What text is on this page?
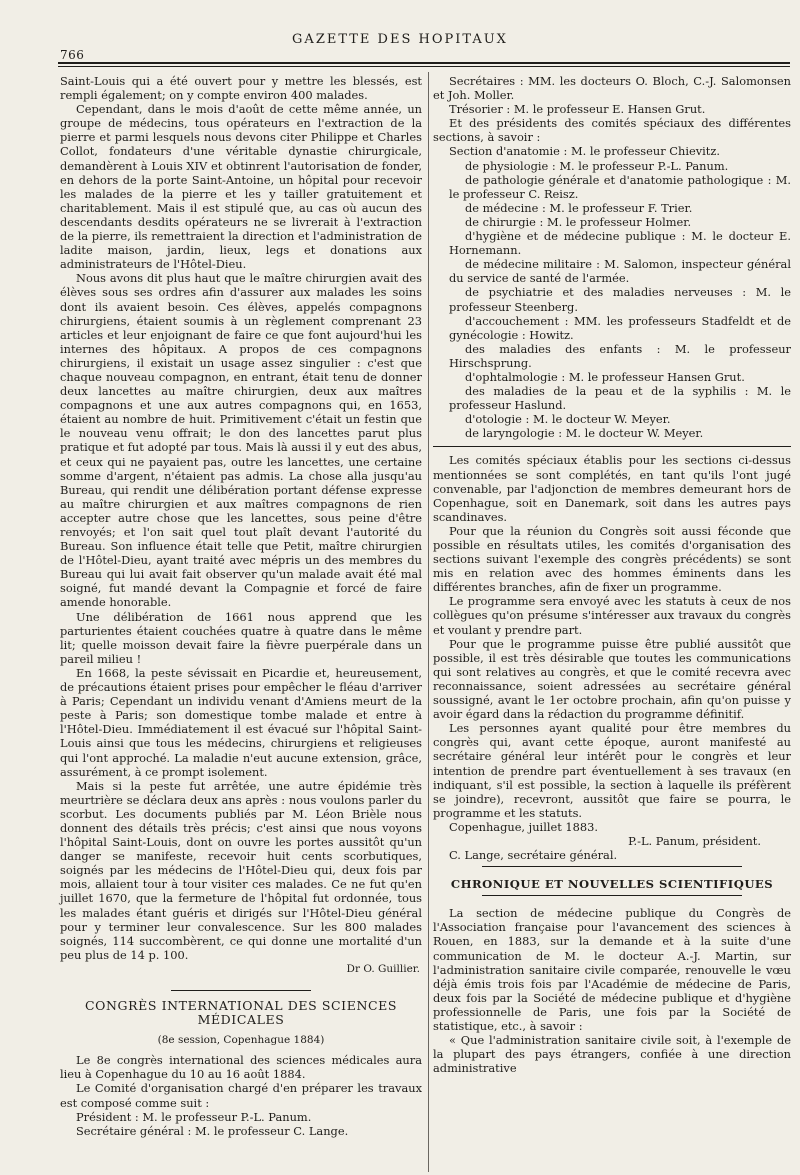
766
GAZETTE DES HOPITAUX

Saint-Louis qui a été ouvert pour y mettre les blessés, est rempli également; on y compte environ 400 malades.

Cependant, dans le mois d'août de cette même année, un groupe de médecins, tous opérateurs en l'extraction de la pierre et parmi lesquels nous devons citer Philippe et Charles Collot, fondateurs d'une véritable dynastie chirurgicale, demandèrent à Louis XIV et obtinrent l'autorisation de fonder, en dehors de la porte Saint-Antoine, un hôpital pour recevoir les malades de la pierre et les y tailler gratuitement et charitablement. Mais il est stipulé que, au cas où aucun des descendants desdits opérateurs ne se livrerait à l'extraction de la pierre, ils remettraient la direction et l'administration de ladite maison, jardin, lieux, legs et donations aux administrateurs de l'Hôtel-Dieu.

Nous avons dit plus haut que le maître chirurgien avait des élèves sous ses ordres afin d'assurer aux malades les soins dont ils avaient besoin. Ces élèves, appelés compagnons chirurgiens, étaient soumis à un règlement comprenant 23 articles et leur enjoignant de faire ce que font aujourd'hui les internes des hôpitaux. A propos de ces compagnons chirurgiens, il existait un usage assez singulier : c'est que chaque nouveau compagnon, en entrant, était tenu de donner deux lancettes au maître chirurgien, deux aux maîtres compagnons et une aux autres compagnons qui, en 1653, étaient au nombre de huit. Primitivement c'était un festin que le nouveau venu offrait; le don des lancettes parut plus pratique et fut adopté par tous. Mais là aussi il y eut des abus, et ceux qui ne payaient pas, outre les lancettes, une certaine somme d'argent, n'étaient pas admis. La chose alla jusqu'au Bureau, qui rendit une délibération portant défense expresse au maître chirurgien et aux maîtres compagnons de rien accepter autre chose que les lancettes, sous peine d'être renvoyés; et l'on sait quel tout plaît devant l'autorité du Bureau. Son influence était telle que Petit, maître chirurgien de l'Hôtel-Dieu, ayant traité avec mépris un des membres du Bureau qui lui avait fait observer qu'un malade avait été mal soigné, fut mandé devant la Compagnie et forcé de faire amende honorable.

Une délibération de 1661 nous apprend que les parturientes étaient couchées quatre à quatre dans le même lit; quelle moisson devait faire la fièvre puerpérale dans un pareil milieu !

En 1668, la peste sévissait en Picardie et, heureusement, de précautions étaient prises pour empêcher le fléau d'arriver à Paris; Cependant un individu venant d'Amiens meurt de la peste à Paris; son domestique tombe malade et entre à l'Hôtel-Dieu. Immédiatement il est évacué sur l'hôpital Saint-Louis ainsi que tous les médecins, chirurgiens et religieuses qui l'ont approché. La maladie n'eut aucune extension, grâce, assurément, à ce prompt isolement.

Mais si la peste fut arrêtée, une autre épidémie très meurtrière se déclara deux ans après : nous voulons parler du scorbut. Les documents publiés par M. Léon Brièle nous donnent des détails très précis; c'est ainsi que nous voyons l'hôpital Saint-Louis, dont on ouvre les portes aussitôt qu'un danger se manifeste, recevoir huit cents scorbutiques, soignés par les médecins de l'Hôtel-Dieu qui, deux fois par mois, allaient tour à tour visiter ces malades. Ce ne fut qu'en juillet 1670, que la fermeture de l'hôpital fut ordonnée, tous les malades étant guéris et dirigés sur l'Hôtel-Dieu général pour y terminer leur convalescence. Sur les 800 malades soignés, 114 succombèrent, ce qui donne une mortalité d'un peu plus de 14 p. 100.

Dr O. Guillier.
CONGRÈS INTERNATIONAL DES SCIENCES MÉDICALES
(8e session, Copenhague 1884)

Le 8e congrès international des sciences médicales aura lieu à Copenhague du 10 au 16 août 1884.

Le Comité d'organisation chargé d'en préparer les travaux est composé comme suit :

Président : M. le professeur P.-L. Panum.

Secrétaire général : M. le professeur C. Lange.

Secrétaires : MM. les docteurs O. Bloch, C.-J. Salomonsen et Joh. Moller.

Trésorier : M. le professeur E. Hansen Grut.

Et des présidents des comités spéciaux des différentes sections, à savoir :

Section d'anatomie : M. le professeur Chievitz.

de physiologie : M. le professeur P.-L. Panum.

de pathologie générale et d'anatomie pathologique : M. le professeur C. Reisz.

de médecine : M. le professeur F. Trier.

de chirurgie : M. le professeur Holmer.

d'hygiène et de médecine publique : M. le docteur E. Hornemann.

de médecine militaire : M. Salomon, inspecteur général du service de santé de l'armée.

de psychiatrie et des maladies nerveuses : M. le professeur Steenberg.

d'accouchement : MM. les professeurs Stadfeldt et de gynécologie : Howitz.

des maladies des enfants : M. le professeur Hirschsprung.

d'ophtalmologie : M. le professeur Hansen Grut.

des maladies de la peau et de la syphilis : M. le professeur Haslund.

d'otologie : M. le docteur W. Meyer.

de laryngologie : M. le docteur W. Meyer.

Les comités spéciaux établis pour les sections ci-dessus mentionnées se sont complétés, en tant qu'ils l'ont jugé convenable, par l'adjonction de membres demeurant hors de Copenhague, soit en Danemark, soit dans les autres pays scandinaves.

Pour que la réunion du Congrès soit aussi féconde que possible en résultats utiles, les comités d'organisation des sections suivant l'exemple des congrès précédents) se sont mis en relation avec des hommes éminents dans les différentes branches, afin de fixer un programme.

Le programme sera envoyé avec les statuts à ceux de nos collègues qu'on présume s'intéresser aux travaux du congrès et voulant y prendre part.

Pour que le programme puisse être publié aussitôt que possible, il est très désirable que toutes les communications qui sont relatives au congrès, et que le comité recevra avec reconnaissance, soient adressées au secrétaire général soussigné, avant le 1er octobre prochain, afin qu'on puisse y avoir égard dans la rédaction du programme définitif.

Les personnes ayant qualité pour être membres du congrès qui, avant cette époque, auront manifesté au secrétaire général leur intérêt pour le congrès et leur intention de prendre part éventuellement à ses travaux (en indiquant, s'il est possible, la section à laquelle ils préfèrent se joindre), recevront, aussitôt que faire se pourra, le programme et les statuts.

Copenhague, juillet 1883.

P.-L. Panum, président.

C. Lange, secrétaire général.

CHRONIQUE ET NOUVELLES SCIENTIFIQUES

La section de médecine publique du Congrès de l'Association française pour l'avancement des sciences à Rouen, en 1883, sur la demande et à la suite d'une communication de M. le docteur A.-J. Martin, sur l'administration sanitaire civile comparée, renouvelle le vœu déjà émis trois fois par l'Académie de médecine de Paris, deux fois par la Société de médecine publique et d'hygiène professionnelle de Paris, une fois par la Société de statistique, etc., à savoir :

« Que l'administration sanitaire civile soit, à l'exemple de la plupart des pays étrangers, confiée à une direction administrative
